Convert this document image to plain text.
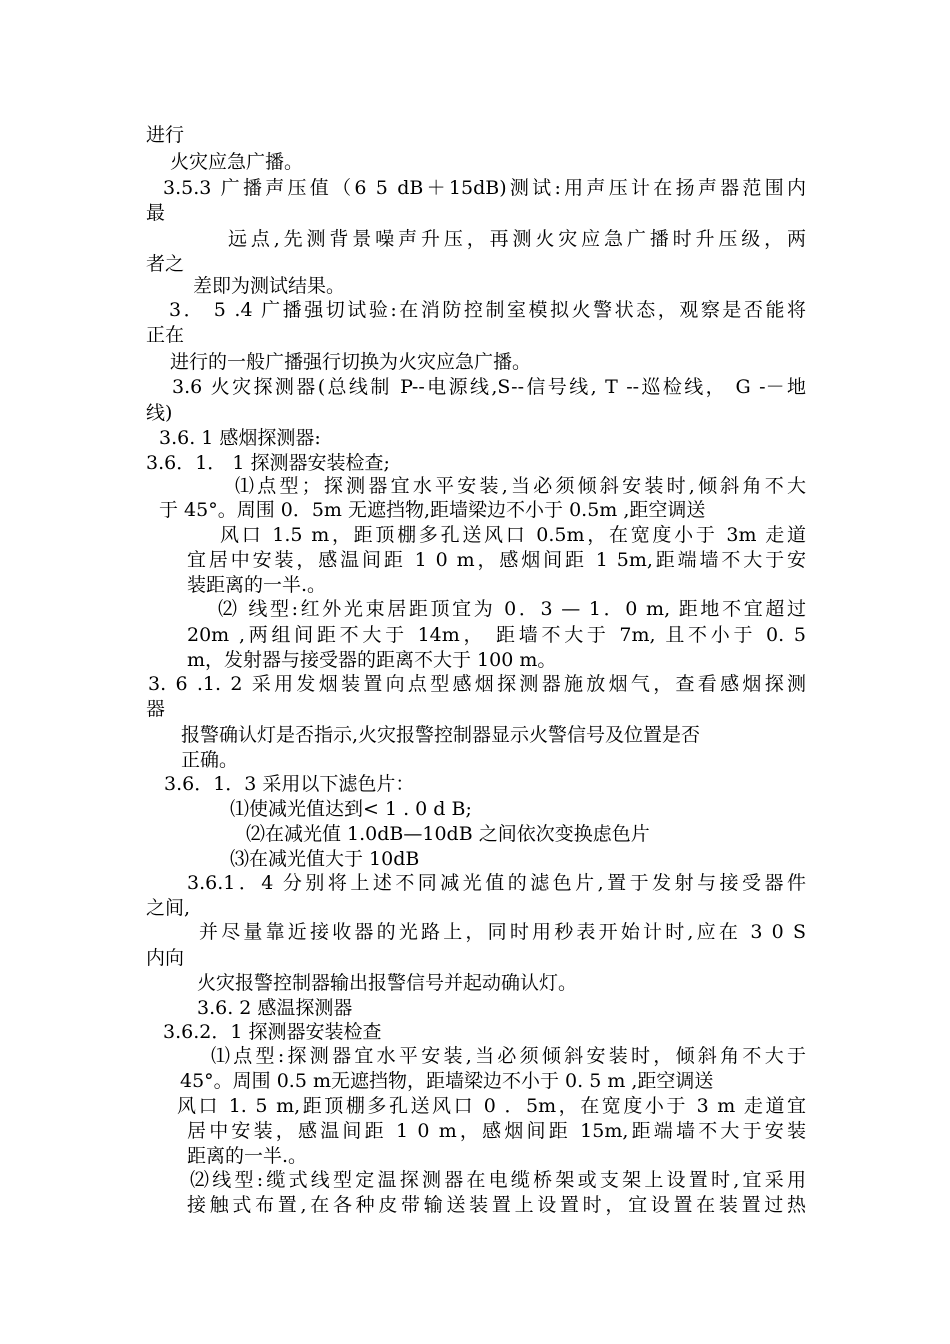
进行
火灾应急广播。
3.5.3 广播声压值（6 5 dB＋15dB)测试:用声压计在扬声器范围内
最
远点,先测背景噪声升压，再测火灾应急广播时升压级，两
者之
差即为测试结果。
3． 5 .4 广播强切试验:在消防控制室模拟火警状态，观察是否能将
正在
进行的一般广播强行切换为火灾应急广播。
3.6 火灾探测器(总线制 P--电源线,S--信号线, T --巡检线， G -－地
线)
3.6. 1 感烟探测器:
3.6．1． 1 探测器安装检查;
⑴点型；探测器宜水平安装,当必须倾斜安装时,倾斜角不大
于 45°。周围 0．5m 无遮挡物,距墙梁边不小于 0.5m ,距空调送
风口 1.5 m，距顶棚多孔送风口 0.5m，在宽度小于 3m 走道
宜居中安装，感温间距 1 0 m，感烟间距 1 5m,距端墙不大于安
装距离的一半.。
⑵ 线型:红外光束居距顶宜为 0．3 — 1．0 m, 距地不宜超过
20m ,两组间距不大于 14m， 距墙不大于 7m, 且不小于 0. 5
m，发射器与接受器的距离不大于 100 m。
3. 6 .1. 2 采用发烟装置向点型感烟探测器施放烟气，查看感烟探测
器
报警确认灯是否指示,火灾报警控制器显示火警信号及位置是否
正确。
3.6．1．3 采用以下滤色片：
⑴使减光值达到< 1 . 0 d B;
⑵在减光值 1.0dB—10dB 之间依次变换虑色片
⑶在减光值大于 10dB
3.6.1．4 分别将上述不同减光值的滤色片,置于发射与接受器件
之间,
并尽量靠近接收器的光路上，同时用秒表开始计时,应在 3 0 S
内向
火灾报警控制器输出报警信号并起动确认灯。
3.6. 2 感温探测器
3.6.2．1 探测器安装检查
⑴点型:探测器宜水平安装,当必须倾斜安装时，倾斜角不大于
45°。周围 0.5 m无遮挡物，距墙梁边不小于 0. 5 m ,距空调送
风口 1. 5 m,距顶棚多孔送风口 0 ．5m，在宽度小于 3 m 走道宜
居中安装，感温间距 1 0 m，感烟间距 15m,距端墙不大于安装
距离的一半.。
⑵线型:缆式线型定温探测器在电缆桥架或支架上设置时,宜采用
接触式布置,在各种皮带输送装置上设置时，宜设置在装置过热
